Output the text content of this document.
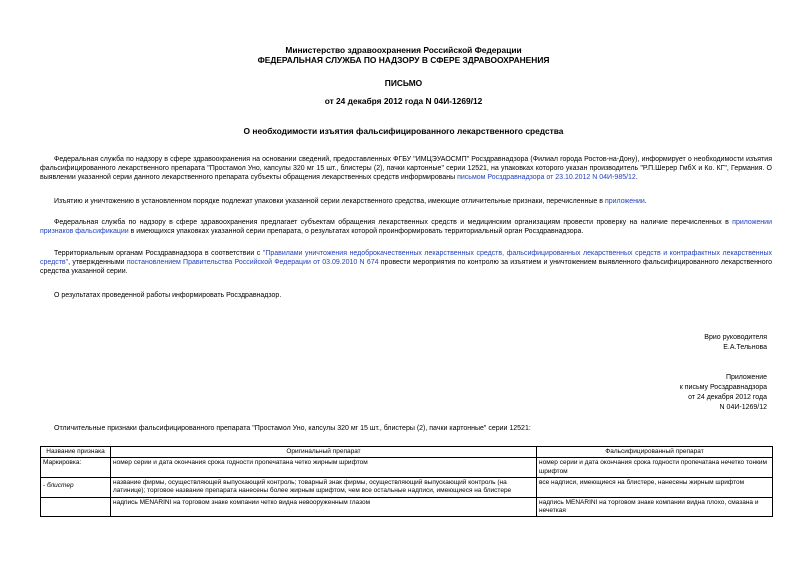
Министерство здравоохранения Российской Федерации
ФЕДЕРАЛЬНАЯ СЛУЖБА ПО НАДЗОРУ В СФЕРЕ ЗДРАВООХРАНЕНИЯ
ПИСЬМО
от 24 декабря 2012 года N 04И-1269/12
О необходимости изъятия фальсифицированного лекарственного средства
Федеральная служба по надзору в сфере здравоохранения на основании сведений, предоставленных ФГБУ "ИМЦЭУАОСМП" Росздравнадзора (Филиал города Ростов-на-Дону), информирует о необходимости изъятия фальсифицированного лекарственного препарата "Простамол Уно, капсулы 320 мг 15 шт., блистеры (2), пачки картонные" серии 12521, на упаковках которого указан производитель "Р.П.Шерер ГмбХ и Ко. КГ", Германия. О выявлении указанной серии данного лекарственного препарата субъекты обращения лекарственных средств информированы письмом Росздравнадзора от 23.10.2012 N 04И-985/12.
Изъятию и уничтожению в установленном порядке подлежат упаковки указанной серии лекарственного средства, имеющие отличительные признаки, перечисленные в приложении.
Федеральная служба по надзору в сфере здравоохранения предлагает субъектам обращения лекарственных средств и медицинским организациям провести проверку на наличие перечисленных в приложении признаков фальсификации в имеющихся упаковках указанной серии препарата, о результатах которой проинформировать территориальный орган Росздравнадзора.
Территориальным органам Росздравнадзора в соответствии с "Правилами уничтожения недоброкачественных лекарственных средств, фальсифицированных лекарственных средств и контрафактных лекарственных средств", утвержденными постановлением Правительства Российской Федерации от 03.09.2010 N 674 провести мероприятия по контролю за изъятием и уничтожением выявленного фальсифицированного лекарственного средства указанной серии.
О результатах проведенной работы информировать Росздравнадзор.
Врио руководителя
Е.А.Тельнова
Приложение
к письму Росздравнадзора
от 24 декабря 2012 года
N 04И-1269/12
Отличительные признаки фальсифицированного препарата "Простамол Уно, капсулы 320 мг 15 шт., блистеры (2), пачки картонные" серии 12521:
Название признака	Оригинальный препарат	Фальсифицированный препарат
Маркировка:	номер серии и дата окончания срока годности пропечатана четко жирным шрифтом	номер серии и дата окончания срока годности пропечатана нечетко тонким шрифтом
- блистер	название фирмы, осуществляющей выпускающий контроль; товарный знак фирмы, осуществляющий выпускающий контроль (на латинице); торговое название препарата нанесены более жирным шрифтом, чем все остальные надписи, имеющиеся на блистере	все надписи, имеющиеся на блистере, нанесены жирным шрифтом
	надпись MENARINI на торговом знаке компании четко видна невооруженным глазом	надпись MENARINI на торговом знаке компании видна плохо, смазана и нечеткая
